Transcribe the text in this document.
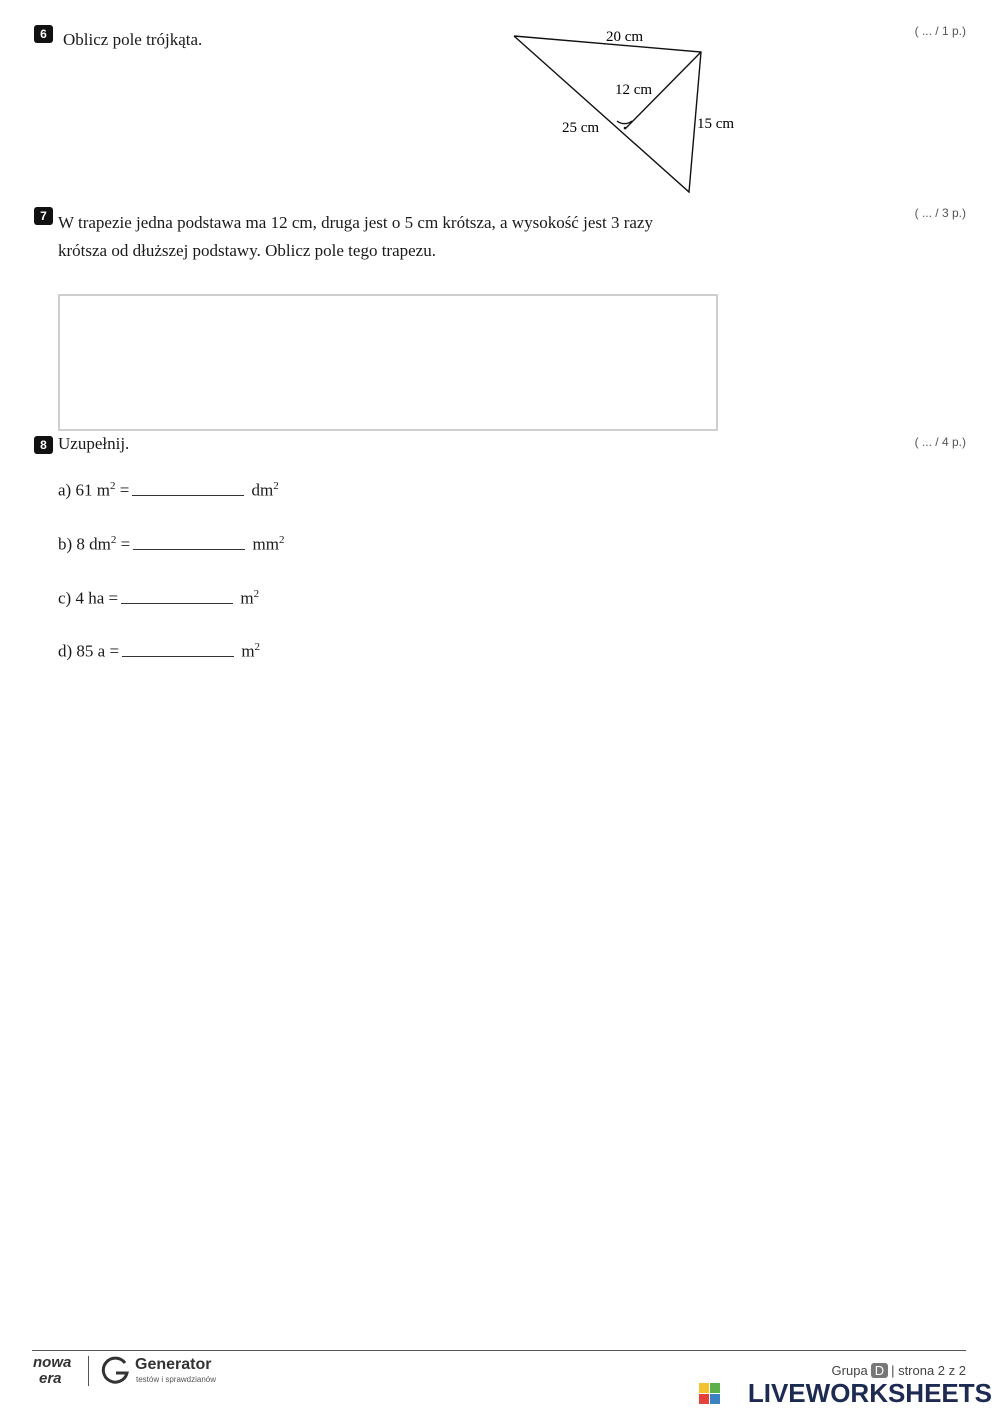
6 Oblicz pole trójkąta.	( ... / 1 p.)
20 cm
12 cm
25 cm	15 cm
7 W trapezie jedna podstawa ma 12 cm, druga jest o 5 cm krótsza, a wysokość jest 3 razy
krótsza od dłuższej podstawy. Oblicz pole tego trapezu.
( ... / 3 p.)
8 Uzupełnij.	( ... / 4 p.)
a) 61 $m^2$ =	$dm^2$
b) 8 $dm^2$ =	$mm^2$
c) 4 ha =	$m^2$
d) 85 a =	$m^2$
nowa
era
Generator
testów i sprawdzianów
Grupa D | strona 2 z 2
LIVEWORKSHEETS
